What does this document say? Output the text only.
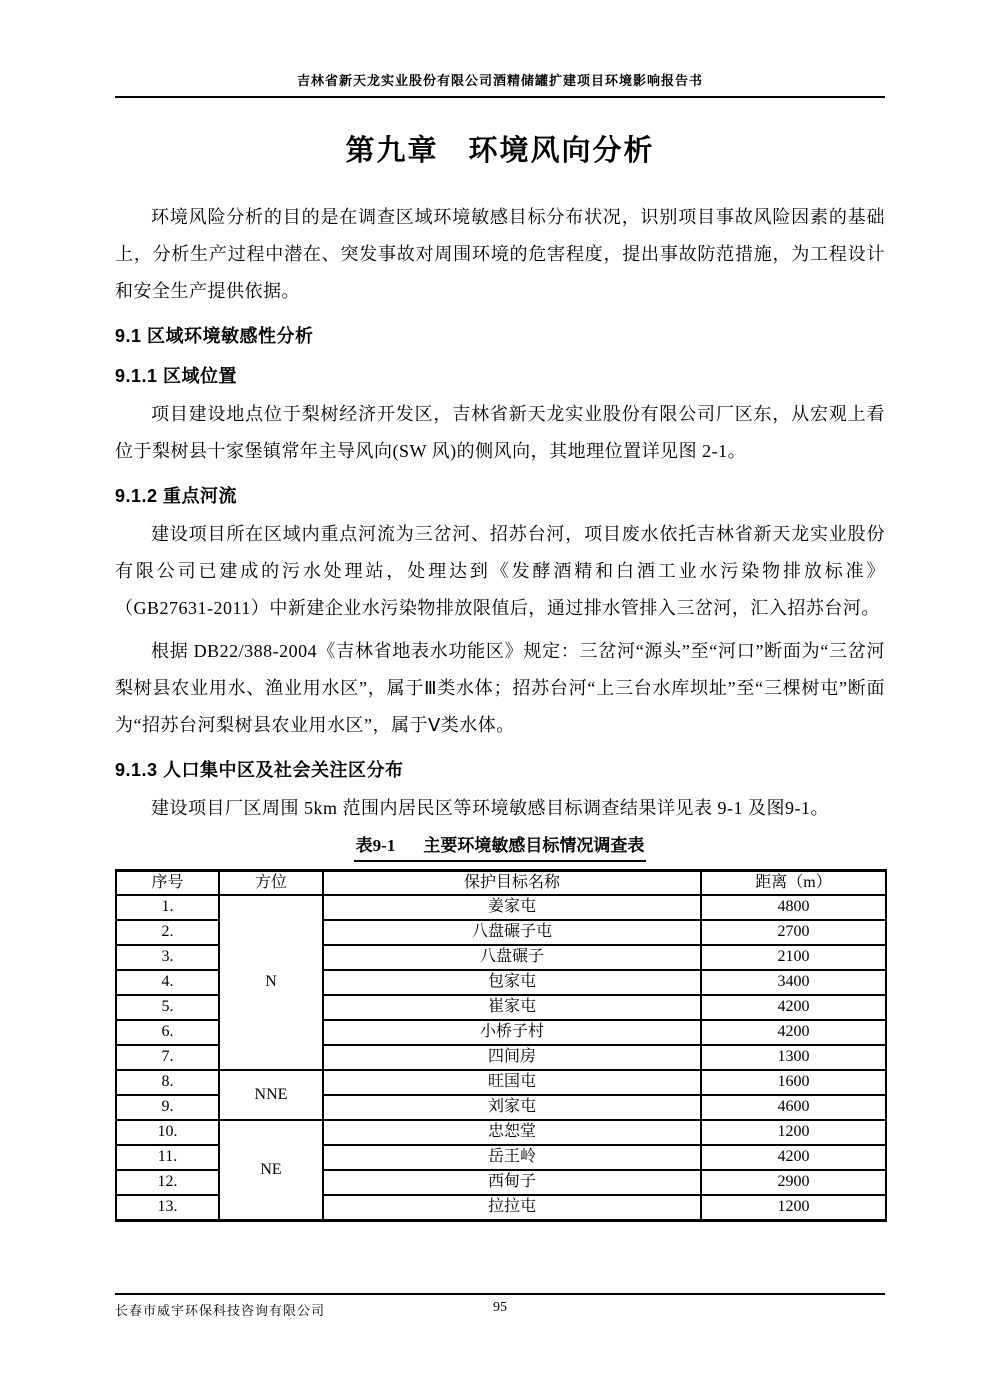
吉林省新天龙实业股份有限公司酒精储罐扩建项目环境影响报告书
第九章 环境风向分析

环境风险分析的目的是在调查区域环境敏感目标分布状况，识别项目事故风险因素的基础上，分析生产过程中潜在、突发事故对周围环境的危害程度，提出事故防范措施，为工程设计和安全生产提供依据。

9.1 区域环境敏感性分析
9.1.1 区域位置

项目建设地点位于梨树经济开发区，吉林省新天龙实业股份有限公司厂区东，从宏观上看位于梨树县十家堡镇常年主导风向(SW 风)的侧风向，其地理位置详见图 2-1。

9.1.2 重点河流

建设项目所在区域内重点河流为三岔河、招苏台河，项目废水依托吉林省新天龙实业股份有限公司已建成的污水处理站，处理达到《发酵酒精和白酒工业水污染物排放标准》（GB27631-2011）中新建企业水污染物排放限值后，通过排水管排入三岔河，汇入招苏台河。

根据 DB22/388-2004《吉林省地表水功能区》规定：三岔河“源头”至“河口”断面为“三岔河梨树县农业用水、渔业用水区”，属于Ⅲ类水体；招苏台河“上三台水库坝址”至“三棵树屯”断面为“招苏台河梨树县农业用水区”，属于Ⅴ类水体。

9.1.3 人口集中区及社会关注区分布

建设项目厂区周围 5km 范围内居民区等环境敏感目标调查结果详见表 9-1 及图9-1。

表9-1 主要环境敏感目标情况调查表
序号	方位	保护目标名称	距离（m）
1.	N	姜家屯	4800
2.		八盘碾子屯	2700
3.		八盘碾子	2100
4.		包家屯	3400
5.		崔家屯	4200
6.		小桥子村	4200
7.		四间房	1300
8.	NNE	旺国屯	1600
9.		刘家屯	4600
10.	NE	忠恕堂	1200
11.		岳王岭	4200
12.		西甸子	2900
13.		拉拉屯	1200
长春市威宇环保科技咨询有限公司	95
